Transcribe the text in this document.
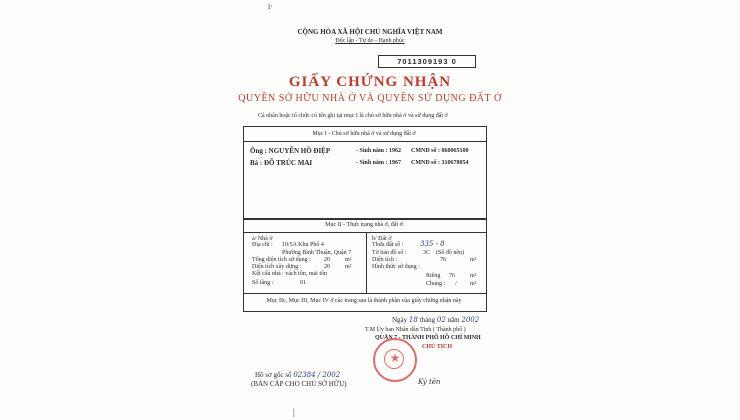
i·
CỘNG HÒA XÃ HỘI CHỦ NGHĨA VIỆT NAM
Độc lập - Tự do - Hạnh phúc
7011309193 0
GIẤY CHỨNG NHẬN
QUYỀN SỞ HỮU NHÀ Ở VÀ QUYỀN SỬ DỤNG ĐẤT Ở
Cá nhân hoặc tổ chức có tên ghi tại mục I là chủ sở hữu nhà ở và sử dụng đất ở
Mục I - Chủ sở hữu nhà ở và sử dụng đất ở
Ông : NGUYỄN HỒ ĐIỆP	- Sinh năm : 1962 CMND số : 860065100
Bà : ĐỖ TRÚC MAI	- Sinh năm : 1967 CMND số : 310678054
Mục II - Thực trạng nhà ở, đất ở
a/ Nhà ở
Địa chỉ : 10/5A Khu Phố 4
Phường Bình Thuận, Quận 7
Tổng diện tích sử dụng : 20	m²
Diện tích xây dựng :	20	m²
Kết cấu nhà : vách tôn, mái tôn
Số tầng :	01
b/ Đất ở
Thửa đất số : 335 - 8
Tờ bản đồ số :	3C (Số đồ nền)
Diện tích :	76	m²
Hình thức sử dụng :
Riêng 76	m²
Chung : / m²
Mục IIc, Mục III, Mục IV ở các trang sau là thành phần của giấy chứng nhận này
Ngày 18 tháng 02 năm 2002
T.M Ủy ban Nhân dân Tỉnh ( Thành phố )
QUẬN 7 - THÀNH PHỐ HỒ CHÍ MINH
CHỦ TỊCH
★
Ký tên
Hồ sơ gốc số 02384 / 2002
(BẢN CẤP CHO CHỦ SỞ HỮU)
|
